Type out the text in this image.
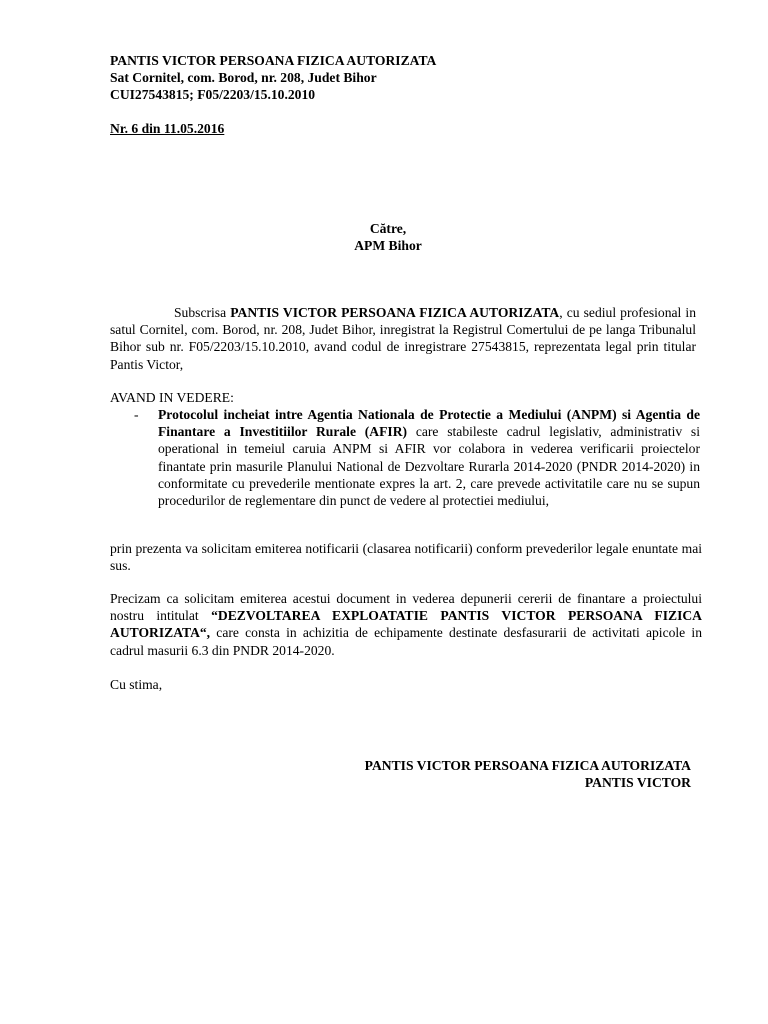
PANTIS VICTOR PERSOANA FIZICA AUTORIZATA
Sat Cornitel, com. Borod, nr. 208, Judet Bihor
CUI27543815; F05/2203/15.10.2010
Nr. 6 din 11.05.2016
Către,
APM Bihor
Subscrisa PANTIS VICTOR PERSOANA FIZICA AUTORIZATA, cu sediul profesional in satul Cornitel, com. Borod, nr. 208, Judet Bihor, inregistrat la Registrul Comertului de pe langa Tribunalul Bihor sub nr. F05/2203/15.10.2010, avand codul de inregistrare 27543815, reprezentata legal prin titular Pantis Victor,
AVAND IN VEDERE:
- Protocolul incheiat intre Agentia Nationala de Protectie a Mediului (ANPM) si Agentia de Finantare a Investitiilor Rurale (AFIR) care stabileste cadrul legislativ, administrativ si operational in temeiul caruia ANPM si AFIR vor colabora in vederea verificarii proiectelor finantate prin masurile Planului National de Dezvoltare Rurarla 2014-2020 (PNDR 2014-2020) in conformitate cu prevederile mentionate expres la art. 2, care prevede activitatile care nu se supun procedurilor de reglementare din punct de vedere al protectiei mediului,
prin prezenta va solicitam emiterea notificarii (clasarea notificarii) conform prevederilor legale enuntate mai sus.
Precizam ca solicitam emiterea acestui document in vederea depunerii cererii de finantare a proiectului nostru intitulat “DEZVOLTAREA EXPLOATATIE PANTIS VICTOR PERSOANA FIZICA AUTORIZATA“, care consta in achizitia de echipamente destinate desfasurarii de activitati apicole in cadrul masurii 6.3 din PNDR 2014-2020.
Cu stima,
PANTIS VICTOR PERSOANA FIZICA AUTORIZATA
PANTIS VICTOR
